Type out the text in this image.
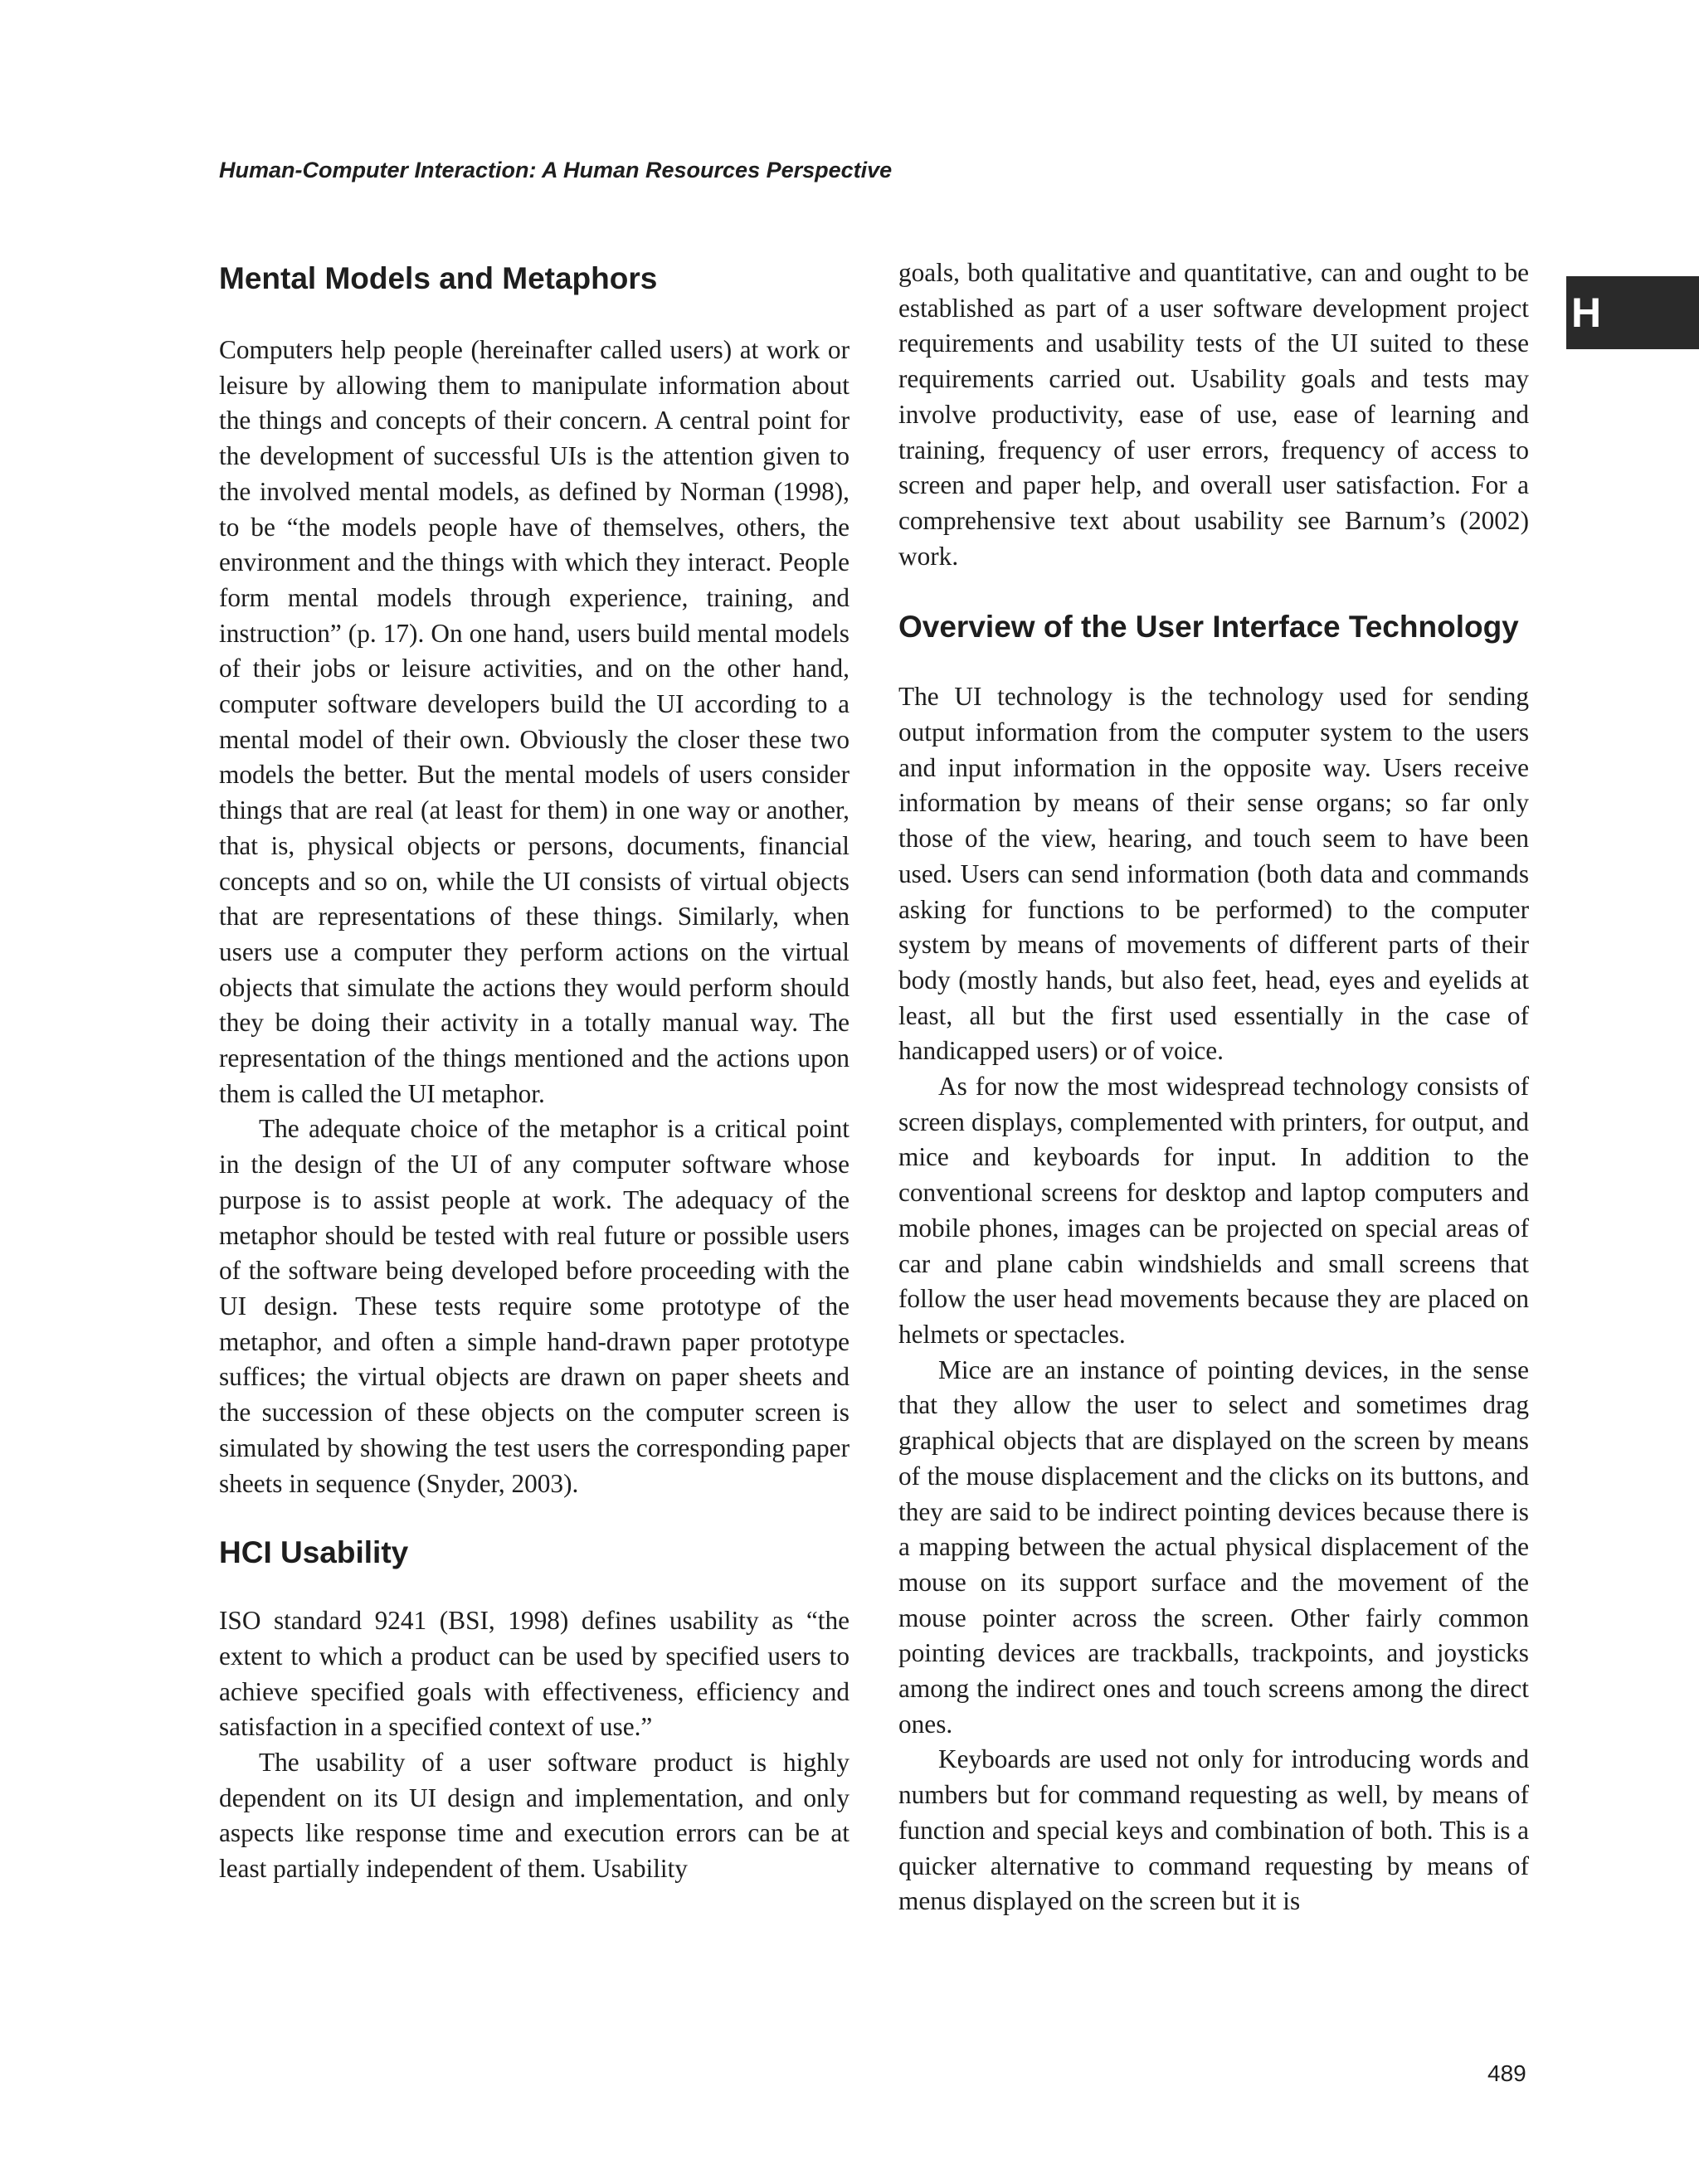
Human-Computer Interaction: A Human Resources Perspective
H
Mental Models and Metaphors

Computers help people (hereinafter called users) at work or leisure by allowing them to manipulate information about the things and concepts of their concern. A central point for the development of successful UIs is the attention given to the involved mental models, as defined by Norman (1998), to be “the models people have of themselves, others, the environment and the things with which they interact. People form mental models through experience, training, and instruction” (p. 17). On one hand, users build mental models of their jobs or leisure activities, and on the other hand, computer software developers build the UI according to a mental model of their own. Obviously the closer these two models the better. But the mental models of users consider things that are real (at least for them) in one way or another, that is, physical objects or persons, documents, financial concepts and so on, while the UI consists of virtual objects that are representations of these things. Similarly, when users use a computer they perform actions on the virtual objects that simulate the actions they would perform should they be doing their activity in a totally manual way. The representation of the things mentioned and the actions upon them is called the UI metaphor.

The adequate choice of the metaphor is a critical point in the design of the UI of any computer software whose purpose is to assist people at work. The adequacy of the metaphor should be tested with real future or possible users of the software being developed before proceeding with the UI design. These tests require some prototype of the metaphor, and often a simple hand-drawn paper prototype suffices; the virtual objects are drawn on paper sheets and the succession of these objects on the computer screen is simulated by showing the test users the corresponding paper sheets in sequence (Snyder, 2003).

HCI Usability

ISO standard 9241 (BSI, 1998) defines usability as “the extent to which a product can be used by specified users to achieve specified goals with effectiveness, efficiency and satisfaction in a specified context of use.”

The usability of a user software product is highly dependent on its UI design and implementation, and only aspects like response time and execution errors can be at least partially independent of them. Usability

goals, both qualitative and quantitative, can and ought to be established as part of a user software development project requirements and usability tests of the UI suited to these requirements carried out. Usability goals and tests may involve productivity, ease of use, ease of learning and training, frequency of user errors, frequency of access to screen and paper help, and overall user satisfaction. For a comprehensive text about usability see Barnum’s (2002) work.

Overview of the User Interface Technology

The UI technology is the technology used for sending output information from the computer system to the users and input information in the opposite way. Users receive information by means of their sense organs; so far only those of the view, hearing, and touch seem to have been used. Users can send information (both data and commands asking for functions to be performed) to the computer system by means of movements of different parts of their body (mostly hands, but also feet, head, eyes and eyelids at least, all but the first used essentially in the case of handicapped users) or of voice.

As for now the most widespread technology consists of screen displays, complemented with printers, for output, and mice and keyboards for input. In addition to the conventional screens for desktop and laptop computers and mobile phones, images can be projected on special areas of car and plane cabin windshields and small screens that follow the user head movements because they are placed on helmets or spectacles.

Mice are an instance of pointing devices, in the sense that they allow the user to select and sometimes drag graphical objects that are displayed on the screen by means of the mouse displacement and the clicks on its buttons, and they are said to be indirect pointing devices because there is a mapping between the actual physical displacement of the mouse on its support surface and the movement of the mouse pointer across the screen. Other fairly common pointing devices are trackballs, trackpoints, and joysticks among the indirect ones and touch screens among the direct ones.

Keyboards are used not only for introducing words and numbers but for command requesting as well, by means of function and special keys and combination of both. This is a quicker alternative to command requesting by means of menus displayed on the screen but it is

489
